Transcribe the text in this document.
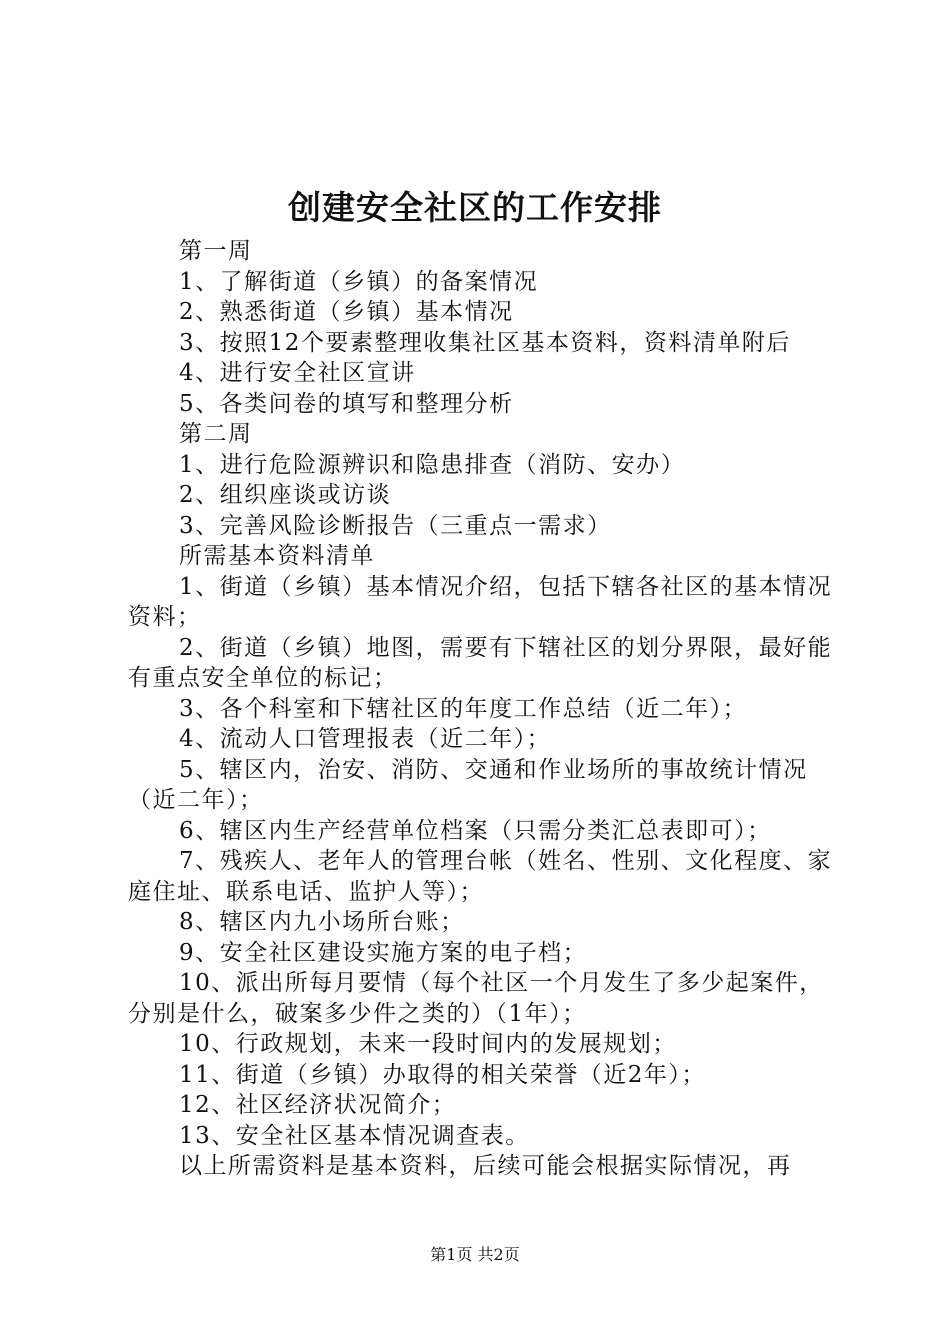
创建安全社区的工作安排
第一周
1、了解街道（乡镇）的备案情况
2、熟悉街道（乡镇）基本情况
3、按照12个要素整理收集社区基本资料，资料清单附后
4、进行安全社区宣讲
5、各类问卷的填写和整理分析
第二周
1、进行危险源辨识和隐患排查（消防、安办）
2、组织座谈或访谈
3、完善风险诊断报告（三重点一需求）
所需基本资料清单
1、街道（乡镇）基本情况介绍，包括下辖各社区的基本情况资料；
2、街道（乡镇）地图，需要有下辖社区的划分界限，最好能有重点安全单位的标记；
3、各个科室和下辖社区的年度工作总结（近二年）；
4、流动人口管理报表（近二年）；
5、辖区内，治安、消防、交通和作业场所的事故统计情况（近二年）；
6、辖区内生产经营单位档案（只需分类汇总表即可）；
7、残疾人、老年人的管理台帐（姓名、性别、文化程度、家庭住址、联系电话、监护人等）；
8、辖区内九小场所台账；
9、安全社区建设实施方案的电子档；
10、派出所每月要情（每个社区一个月发生了多少起案件，分别是什么，破案多少件之类的）（1年）；
10、行政规划，未来一段时间内的发展规划；
11、街道（乡镇）办取得的相关荣誉（近2年）；
12、社区经济状况简介；
13、安全社区基本情况调查表。
以上所需资料是基本资料，后续可能会根据实际情况，再
第1页 共2页
